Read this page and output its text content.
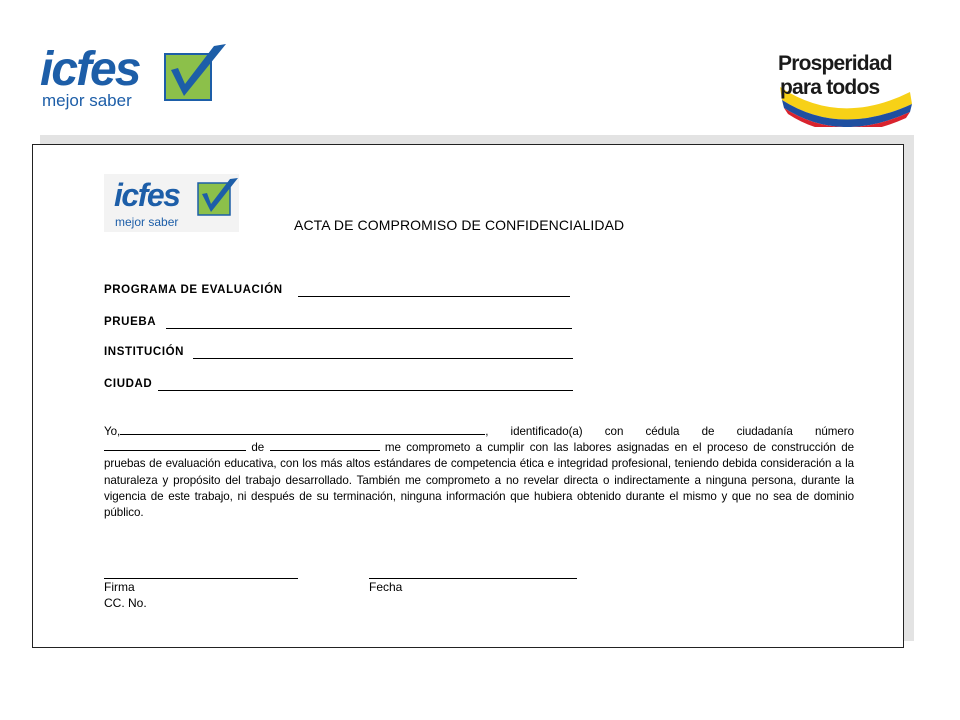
icfes
mejor saber
Prosperidad
para todos
icfes
mejor saber	ACTA DE COMPROMISO DE CONFIDENCIALIDAD
PROGRAMA DE EVALUACIÓN
PRUEBA
INSTITUCIÓN
CIUDAD
Yo,	, identificado(a) con cédula de ciudadanía número  de	me comprometo a cumplir con las labores asignadas en el proceso de construcción de pruebas de evaluación educativa, con los más altos estándares de competencia ética e integridad profesional, teniendo debida consideración a la naturaleza y propósito del trabajo desarrollado. También me comprometo a no revelar directa o indirectamente a ninguna persona, durante la vigencia de este trabajo, ni después de su terminación, ninguna información que hubiera obtenido durante el mismo y que no sea de dominio público.
Firma
CC. No.
Fecha
